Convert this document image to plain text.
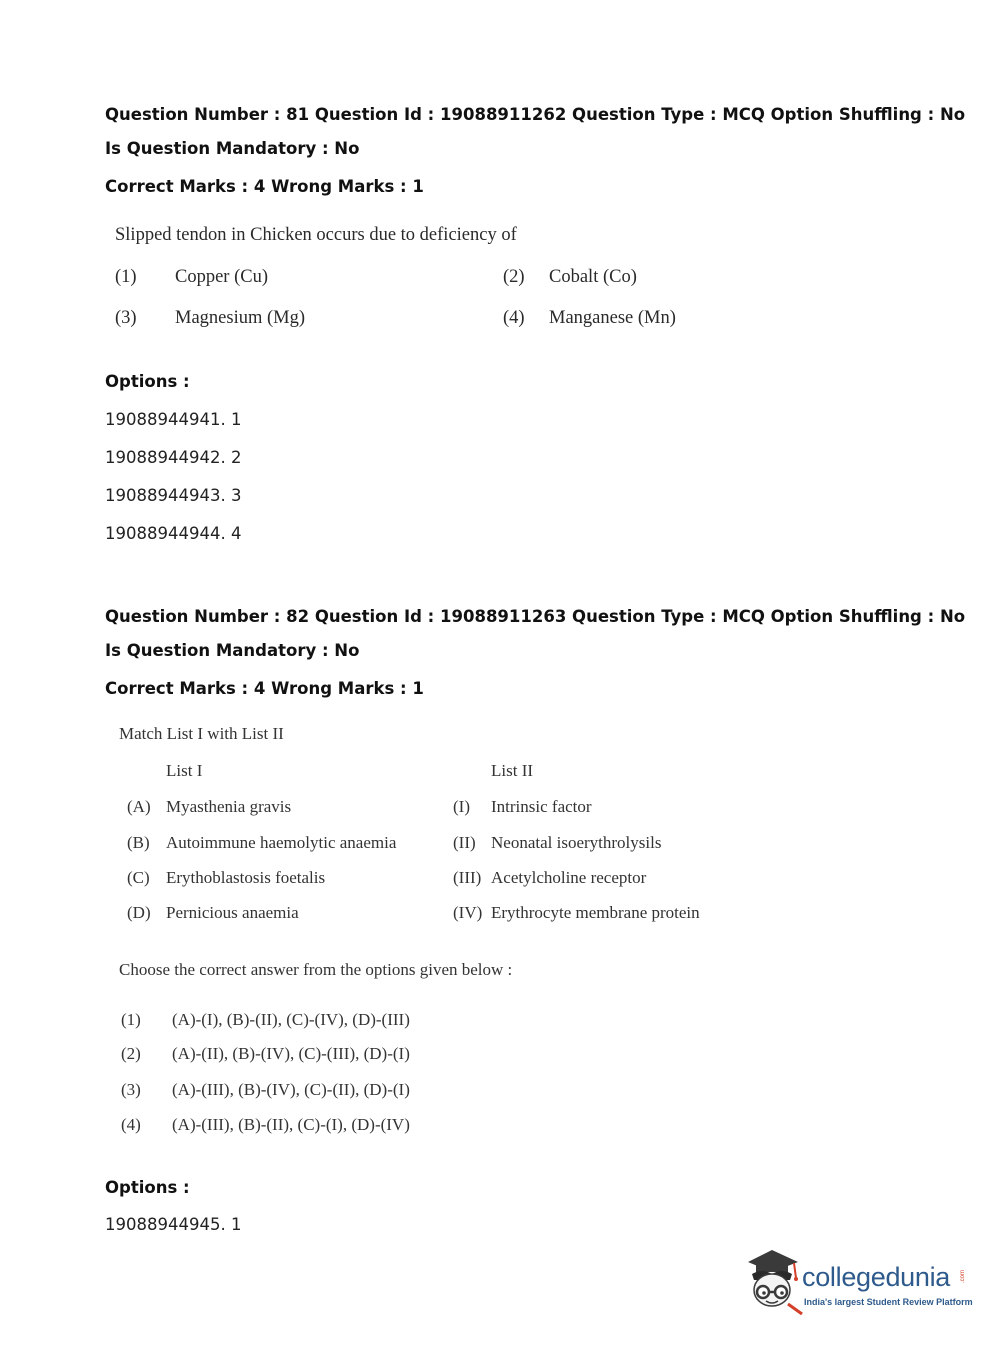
Question Number : 81 Question Id : 19088911262 Question Type : MCQ Option Shuffling : No
Is Question Mandatory : No
Correct Marks : 4 Wrong Marks : 1
Slipped tendon in Chicken occurs due to deficiency of
(1) Copper (Cu)	(2) Cobalt (Co)
(3) Magnesium (Mg)	(4) Manganese (Mn)
Options :
19088944941. 1
19088944942. 2
19088944943. 3
19088944944. 4
Question Number : 82 Question Id : 19088911263 Question Type : MCQ Option Shuffling : No
Is Question Mandatory : No
Correct Marks : 4 Wrong Marks : 1
Match List I with List II
List I	List II
(A) Myasthenia gravis	(I) Intrinsic factor
(B) Autoimmune haemolytic anaemia	(II) Neonatal isoerythrolysils
(C) Erythoblastosis foetalis	(III) Acetylcholine receptor
(D) Pernicious anaemia	(IV) Erythrocyte membrane protein
Choose the correct answer from the options given below :
(1) (A)-(I), (B)-(II), (C)-(IV), (D)-(III)
(2) (A)-(II), (B)-(IV), (C)-(III), (D)-(I)
(3) (A)-(III), (B)-(IV), (C)-(II), (D)-(I)
(4) (A)-(III), (B)-(II), (C)-(I), (D)-(IV)
Options :
19088944945. 1
collegedunia .com
India's largest Student Review Platform
